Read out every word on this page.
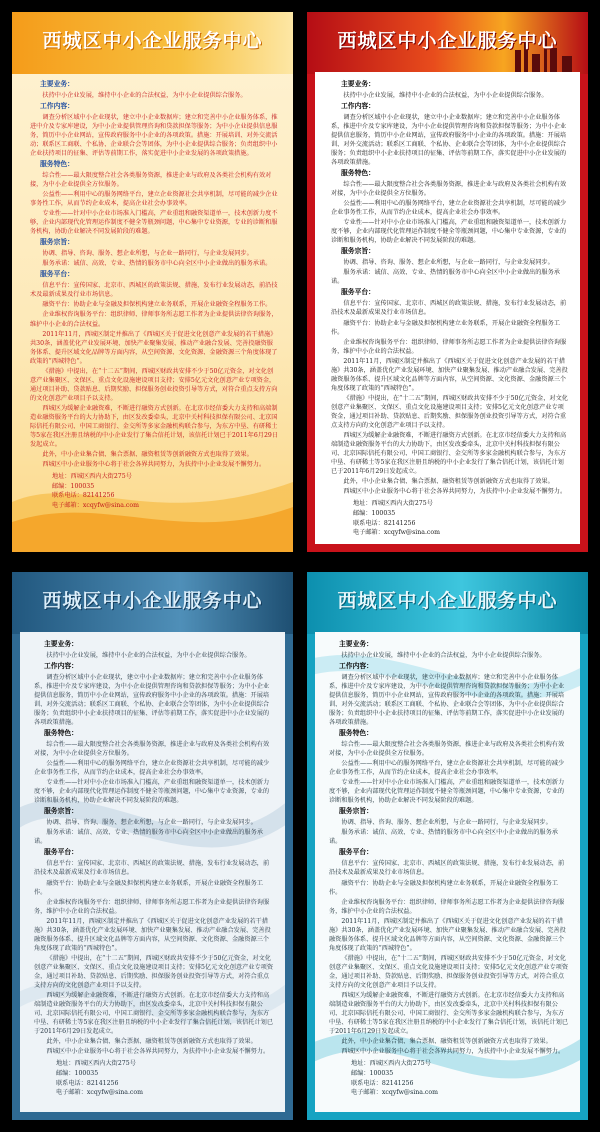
西城区中小企业服务中心
主要业务：

扶持中小企业发展，维持中小企业的合法权益，为中小企业提供综合服务。

工作内容：

调查分析区域中小企业现状，建立中小企业数据库；建立和完善中小企业服务体系，推进中介及专家库建设，为中小企业提供管理咨询和贷款担保等服务；为中小企业提供信息服务，简历中小企业网站，宣传政府服务中小企业的各项政策。措施：开展培训、对外交流活动；联系区工商联、个私协、企业联合会等团体，为中小企业提供综合服务；负责组织中小企业扶持项目的征集、评估等前期工作，落实促进中小企业发展的各项政策措施。

服务特色：

综合性——最大限度整合社会各类服务资源，推进企业与政府及各类社会机构有效对接，为中小企业提供全方位服务。

公益性——利用中心的服务网络平台，建立企业资源社会共享机制，尽可能的减少企业事务性工作，从而节约企业成本，提高企业社会办事效率。

专业性——针对中小企业市场准入门槛高，产业重组和融资渠道单一，技术创新力度不够，企业内部现代化管理运作制度不健全等瓶颈问题，中心集中专业资源，专业的诊断和服务机构，协助企业解决不同发展阶段的难题。

服务宗旨：

协调、指导、咨询、服务、想企业所想，与企业一路同行，与企业发展同步。

服务承诺：诚信、高效、专业、热情的服务市中心向全区中小企业做出的服务承诺。

服务平台：

信息平台：宣传国家、北京市、西城区的政策法规、措施，发布行业发展动态，前沿技术及最新成果及行业市场信息。

融资平台：协助企业与金融及担保机构建立业务联系，开展企业融资全程服务工作。

企业维权咨询服务平台：组织律师、律师事务所志愿工作者为企业提供法律咨询服务，维护中小企业的合法权益。

2011年11月，西城区制定并推出了《西城区关于促进文化创意产业发展的若干措施》共30条，涵盖优化产业发展环境、加快产业聚集发展、推动产业融合发展、完善投融资服务体系、提升区域文化品牌等方面内容，从空间资源、文化资源、金融资源三个角度体现了政策的“西城特色”。

《措施》中提出，在“十二五”期间，西城区财政共安排不少于50亿元资金，对文化创意产业集聚区、文保区、重点文化设施建设项目支持；安排5亿元文化创意产业专项资金，通过项目补助、贷款贴息、后期奖励、担保服务创业投资引导等方式，对符合重点支持方向的文化创意产业项目予以支持。

西城区为缓解企业融资难，不断进行融资方式创新。在北京市经信委大力支持和高端制造业融资服务平台的大力协助下，由区发改委牵头，北京中关村科技担保有限公司、北京国际信托有限公司、中国工商银行、金交所等多家金融机构联合参与，为东方中垦、有研稀土等5家在我区注册且纳税的中小企业发行了集合信托计划，该信托计划已于2011年6月29日发起成立。

此外，中小企业集合债、集合票据、融资租赁等创新融资方式也取得了效果。

西城区中小企业服务中心将于社会各界共同努力，为扶持中小企业发展不懈努力。

地址：西城区西内大街275号
邮编：100035
联系电话：82141256
电子邮箱：xcqyfw@sina.com
西城区中小企业服务中心
主要业务：

扶持中小企业发展，维持中小企业的合法权益，为中小企业提供综合服务。

工作内容：

调查分析区域中小企业现状，建立中小企业数据库；建立和完善中小企业服务体系，推进中介及专家库建设，为中小企业提供管理咨询和贷款担保等服务；为中小企业提供信息服务，简历中小企业网站，宣传政府服务中小企业的各项政策。措施：开展培训、对外交流活动；联系区工商联、个私协、企业联合会等团体，为中小企业提供综合服务；负责组织中小企业扶持项目的征集、评估等前期工作，落实促进中小企业发展的各项政策措施。

服务特色：

综合性——最大限度整合社会各类服务资源，推进企业与政府及各类社会机构有效对接，为中小企业提供全方位服务。

公益性——利用中心的服务网络平台，建立企业资源社会共享机制，尽可能的减少企业事务性工作，从而节约企业成本，提高企业社会办事效率。

专业性——针对中小企业市场准入门槛高，产业重组和融资渠道单一，技术创新力度不够，企业内部现代化管理运作制度不健全等瓶颈问题，中心集中专业资源，专业的诊断和服务机构，协助企业解决不同发展阶段的难题。

服务宗旨：

协调、指导、咨询、服务、想企业所想，与企业一路同行，与企业发展同步。

服务承诺：诚信、高效、专业、热情的服务市中心向全区中小企业做出的服务承诺。

服务平台：

信息平台：宣传国家、北京市、西城区的政策法规、措施，发布行业发展动态，前沿技术及最新成果及行业市场信息。

融资平台：协助企业与金融及担保机构建立业务联系，开展企业融资全程服务工作。

企业维权咨询服务平台：组织律师、律师事务所志愿工作者为企业提供法律咨询服务，维护中小企业的合法权益。

2011年11月，西城区制定并推出了《西城区关于促进文化创意产业发展的若干措施》共30条，涵盖优化产业发展环境、加快产业聚集发展、推动产业融合发展、完善投融资服务体系、提升区域文化品牌等方面内容，从空间资源、文化资源、金融资源三个角度体现了政策的“西城特色”。

《措施》中提出，在“十二五”期间，西城区财政共安排不少于50亿元资金，对文化创意产业集聚区、文保区、重点文化设施建设项目支持；安排5亿元文化创意产业专项资金，通过项目补助、贷款贴息、后期奖励、担保服务创业投资引导等方式，对符合重点支持方向的文化创意产业项目予以支持。

西城区为缓解企业融资难，不断进行融资方式创新。在北京市经信委大力支持和高端制造业融资服务平台的大力协助下，由区发改委牵头，北京中关村科技担保有限公司、北京国际信托有限公司、中国工商银行、金交所等多家金融机构联合参与，为东方中垦、有研稀土等5家在我区注册且纳税的中小企业发行了集合信托计划，该信托计划已于2011年6月29日发起成立。

此外，中小企业集合债、集合票据、融资租赁等创新融资方式也取得了效果。

西城区中小企业服务中心将于社会各界共同努力，为扶持中小企业发展不懈努力。

地址：西城区西内大街275号
邮编：100035
联系电话：82141256
电子邮箱：xcqyfw@sina.com
西城区中小企业服务中心
主要业务：

扶持中小企业发展，维持中小企业的合法权益，为中小企业提供综合服务。

工作内容：

调查分析区域中小企业现状，建立中小企业数据库；建立和完善中小企业服务体系，推进中介及专家库建设，为中小企业提供管理咨询和贷款担保等服务；为中小企业提供信息服务，简历中小企业网站，宣传政府服务中小企业的各项政策。措施：开展培训、对外交流活动；联系区工商联、个私协、企业联合会等团体，为中小企业提供综合服务；负责组织中小企业扶持项目的征集、评估等前期工作，落实促进中小企业发展的各项政策措施。

服务特色：

综合性——最大限度整合社会各类服务资源，推进企业与政府及各类社会机构有效对接，为中小企业提供全方位服务。

公益性——利用中心的服务网络平台，建立企业资源社会共享机制，尽可能的减少企业事务性工作，从而节约企业成本，提高企业社会办事效率。

专业性——针对中小企业市场准入门槛高，产业重组和融资渠道单一，技术创新力度不够，企业内部现代化管理运作制度不健全等瓶颈问题，中心集中专业资源，专业的诊断和服务机构，协助企业解决不同发展阶段的难题。

服务宗旨：

协调、指导、咨询、服务、想企业所想，与企业一路同行，与企业发展同步。

服务承诺：诚信、高效、专业、热情的服务市中心向全区中小企业做出的服务承诺。

服务平台：

信息平台：宣传国家、北京市、西城区的政策法规、措施，发布行业发展动态，前沿技术及最新成果及行业市场信息。

融资平台：协助企业与金融及担保机构建立业务联系，开展企业融资全程服务工作。

企业维权咨询服务平台：组织律师、律师事务所志愿工作者为企业提供法律咨询服务，维护中小企业的合法权益。

2011年11月，西城区制定并推出了《西城区关于促进文化创意产业发展的若干措施》共30条，涵盖优化产业发展环境、加快产业聚集发展、推动产业融合发展、完善投融资服务体系、提升区域文化品牌等方面内容，从空间资源、文化资源、金融资源三个角度体现了政策的“西城特色”。

《措施》中提出，在“十二五”期间，西城区财政共安排不少于50亿元资金，对文化创意产业集聚区、文保区、重点文化设施建设项目支持；安排5亿元文化创意产业专项资金，通过项目补助、贷款贴息、后期奖励、担保服务创业投资引导等方式，对符合重点支持方向的文化创意产业项目予以支持。

西城区为缓解企业融资难，不断进行融资方式创新。在北京市经信委大力支持和高端制造业融资服务平台的大力协助下，由区发改委牵头，北京中关村科技担保有限公司、北京国际信托有限公司、中国工商银行、金交所等多家金融机构联合参与，为东方中垦、有研稀土等5家在我区注册且纳税的中小企业发行了集合信托计划，该信托计划已于2011年6月29日发起成立。

此外，中小企业集合债、集合票据、融资租赁等创新融资方式也取得了效果。

西城区中小企业服务中心将于社会各界共同努力，为扶持中小企业发展不懈努力。

地址：西城区西内大街275号
邮编：100035
联系电话：82141256
电子邮箱：xcqyfw@sina.com
西城区中小企业服务中心
主要业务：

扶持中小企业发展，维持中小企业的合法权益，为中小企业提供综合服务。

工作内容：

调查分析区域中小企业现状，建立中小企业数据库；建立和完善中小企业服务体系，推进中介及专家库建设，为中小企业提供管理咨询和贷款担保等服务；为中小企业提供信息服务，简历中小企业网站，宣传政府服务中小企业的各项政策。措施：开展培训、对外交流活动；联系区工商联、个私协、企业联合会等团体，为中小企业提供综合服务；负责组织中小企业扶持项目的征集、评估等前期工作，落实促进中小企业发展的各项政策措施。

服务特色：

综合性——最大限度整合社会各类服务资源，推进企业与政府及各类社会机构有效对接，为中小企业提供全方位服务。

公益性——利用中心的服务网络平台，建立企业资源社会共享机制，尽可能的减少企业事务性工作，从而节约企业成本，提高企业社会办事效率。

专业性——针对中小企业市场准入门槛高，产业重组和融资渠道单一，技术创新力度不够，企业内部现代化管理运作制度不健全等瓶颈问题，中心集中专业资源，专业的诊断和服务机构，协助企业解决不同发展阶段的难题。

服务宗旨：

协调、指导、咨询、服务、想企业所想，与企业一路同行，与企业发展同步。

服务承诺：诚信、高效、专业、热情的服务市中心向全区中小企业做出的服务承诺。

服务平台：

信息平台：宣传国家、北京市、西城区的政策法规、措施，发布行业发展动态，前沿技术及最新成果及行业市场信息。

融资平台：协助企业与金融及担保机构建立业务联系，开展企业融资全程服务工作。

企业维权咨询服务平台：组织律师、律师事务所志愿工作者为企业提供法律咨询服务，维护中小企业的合法权益。

2011年11月，西城区制定并推出了《西城区关于促进文化创意产业发展的若干措施》共30条，涵盖优化产业发展环境、加快产业聚集发展、推动产业融合发展、完善投融资服务体系、提升区域文化品牌等方面内容，从空间资源、文化资源、金融资源三个角度体现了政策的“西城特色”。

《措施》中提出，在“十二五”期间，西城区财政共安排不少于50亿元资金，对文化创意产业集聚区、文保区、重点文化设施建设项目支持；安排5亿元文化创意产业专项资金，通过项目补助、贷款贴息、后期奖励、担保服务创业投资引导等方式，对符合重点支持方向的文化创意产业项目予以支持。

西城区为缓解企业融资难，不断进行融资方式创新。在北京市经信委大力支持和高端制造业融资服务平台的大力协助下，由区发改委牵头，北京中关村科技担保有限公司、北京国际信托有限公司、中国工商银行、金交所等多家金融机构联合参与，为东方中垦、有研稀土等5家在我区注册且纳税的中小企业发行了集合信托计划，该信托计划已于2011年6月29日发起成立。

此外，中小企业集合债、集合票据、融资租赁等创新融资方式也取得了效果。

西城区中小企业服务中心将于社会各界共同努力，为扶持中小企业发展不懈努力。

地址：西城区西内大街275号
邮编：100035
联系电话：82141256
电子邮箱：xcqyfw@sina.com
